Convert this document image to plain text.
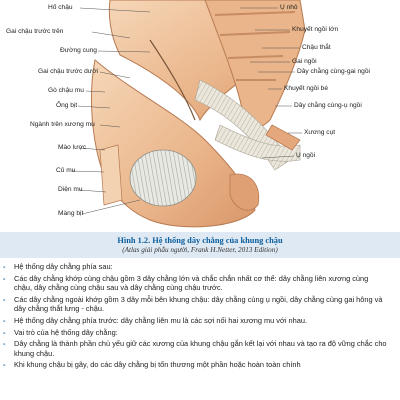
Hố chậu
Gai chậu trước trên
Đường cung
Gai chậu trước dưới
Gò chậu mu
Ống bịt
Ngành trên xương mu
Mào lược
Củ mu
Diện mu
Màng bịt
Ụ nhô
Khuyết ngồi lớn
Chậu thắt
Gai ngồi
Dây chằng cùng-gai ngồi
Khuyết ngồi bé
Dây chằng cùng-ụ ngồi
Xương cụt
Ụ ngồi
Hình 1.2. Hệ thống dây chằng của khung chậu
(Atlas giải phẫu người, Frank H.Netter, 2013 Edition)
- Hệ thống dây chằng phía sau:
- Các dây chằng khớp cùng chậu gồm 3 dây chằng lớn và chắc chắn nhất cơ thể: dây chằng liên xương cùng chậu, dây chằng cùng chậu sau và dây chằng cùng chậu trước.
- Các dây chằng ngoài khớp gồm 3 dây mỗi bên khung chậu: dây chằng cùng ụ ngồi, dây chằng cùng gai hông và dây chằng thắt lưng - chậu.
- Hệ thống dây chằng phía trước: dây chằng liên mu là các sợi nối hai xương mu với nhau.
- Vai trò của hệ thống dây chằng:
- Dây chằng là thành phần chủ yếu giữ các xương của khung chậu gắn kết lại với nhau và tạo ra độ vững chắc cho khung chậu.
- Khi khung chậu bị gãy, do các dây chằng bị tổn thương một phần hoặc hoàn toàn chính
